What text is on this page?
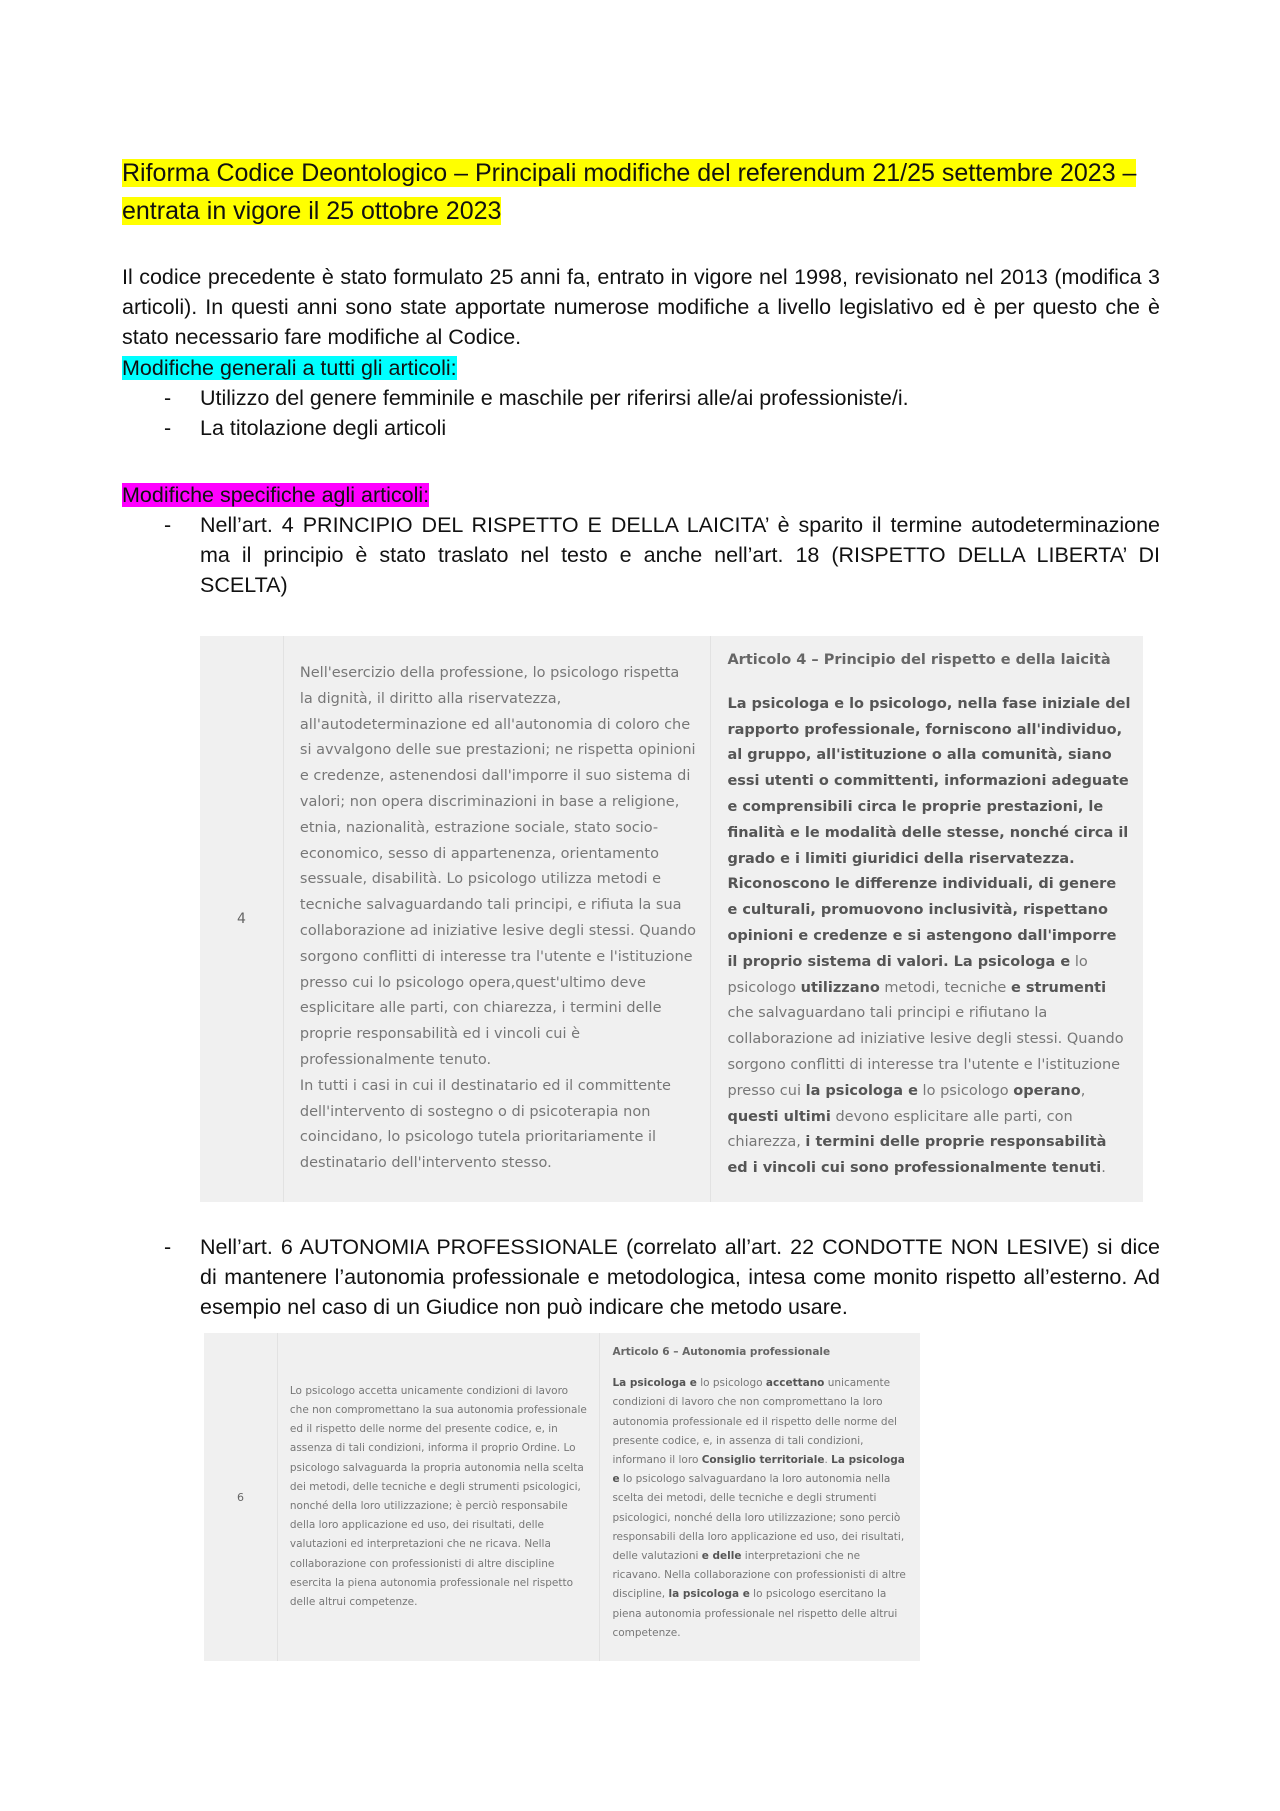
Riforma Codice Deontologico – Principali modifiche del referendum 21/25 settembre 2023 – entrata in vigore il 25 ottobre 2023

Il codice precedente è stato formulato 25 anni fa, entrato in vigore nel 1998, revisionato nel 2013 (modifica 3 articoli). In questi anni sono state apportate numerose modifiche a livello legislativo ed è per questo che è stato necessario fare modifiche al Codice.

Modifiche generali a tutti gli articoli:

- Utilizzo del genere femminile e maschile per riferirsi alle/ai professioniste/i.
- La titolazione degli articoli

Modifiche specifiche agli articoli:

- Nell’art. 4 PRINCIPIO DEL RISPETTO E DELLA LAICITA’ è sparito il termine autodeterminazione ma il principio è stato traslato nel testo e anche nell’art. 18 (RISPETTO DELLA LIBERTA’ DI SCELTA)
4
Nell'esercizio della professione, lo psicologo rispetta la dignità, il diritto alla riservatezza, all'autodeterminazione ed all'autonomia di coloro che si avvalgono delle sue prestazioni; ne rispetta opinioni e credenze, astenendosi dall'imporre il suo sistema di valori; non opera discriminazioni in base a religione, etnia, nazionalità, estrazione sociale, stato socio-economico, sesso di appartenenza, orientamento sessuale, disabilità. Lo psicologo utilizza metodi e tecniche salvaguardando tali principi, e rifiuta la sua collaborazione ad iniziative lesive degli stessi. Quando sorgono conflitti di interesse tra l'utente e l'istituzione presso cui lo psicologo opera,quest'ultimo deve esplicitare alle parti, con chiarezza, i termini delle proprie responsabilità ed i vincoli cui è professionalmente tenuto.
In tutti i casi in cui il destinatario ed il committente dell'intervento di sostegno o di psicoterapia non coincidano, lo psicologo tutela prioritariamente il destinatario dell'intervento stesso.
Articolo 4 – Principio del rispetto e della laicità
La psicologa e lo psicologo, nella fase iniziale del rapporto professionale, forniscono all'individuo, al gruppo, all'istituzione o alla comunità, siano essi utenti o committenti, informazioni adeguate e comprensibili circa le proprie prestazioni, le finalità e le modalità delle stesse, nonché circa il grado e i limiti giuridici della riservatezza. Riconoscono le differenze individuali, di genere e culturali, promuovono inclusività, rispettano opinioni e credenze e si astengono dall'imporre il proprio sistema di valori. La psicologa e lo psicologo utilizzano metodi, tecniche e strumenti che salvaguardano tali principi e rifiutano la collaborazione ad iniziative lesive degli stessi. Quando sorgono conflitti di interesse tra l'utente e l'istituzione presso cui la psicologa e lo psicologo operano, questi ultimi devono esplicitare alle parti, con chiarezza, i termini delle proprie responsabilità ed i vincoli cui sono professionalmente tenuti.
- Nell’art. 6 AUTONOMIA PROFESSIONALE (correlato all’art. 22 CONDOTTE NON LESIVE) si dice di mantenere l’autonomia professionale e metodologica, intesa come monito rispetto all’esterno. Ad esempio nel caso di un Giudice non può indicare che metodo usare.
6
Lo psicologo accetta unicamente condizioni di lavoro che non compromettano la sua autonomia professionale ed il rispetto delle norme del presente codice, e, in assenza di tali condizioni, informa il proprio Ordine. Lo psicologo salvaguarda la propria autonomia nella scelta dei metodi, delle tecniche e degli strumenti psicologici, nonché della loro utilizzazione; è perciò responsabile della loro applicazione ed uso, dei risultati, delle valutazioni ed interpretazioni che ne ricava. Nella collaborazione con professionisti di altre discipline esercita la piena autonomia professionale nel rispetto delle altrui competenze.
Articolo 6 – Autonomia professionale
La psicologa e lo psicologo accettano unicamente condizioni di lavoro che non compromettano la loro autonomia professionale ed il rispetto delle norme del presente codice, e, in assenza di tali condizioni, informano il loro Consiglio territoriale. La psicologa e lo psicologo salvaguardano la loro autonomia nella scelta dei metodi, delle tecniche e degli strumenti psicologici, nonché della loro utilizzazione; sono perciò responsabili della loro applicazione ed uso, dei risultati, delle valutazioni e delle interpretazioni che ne ricavano. Nella collaborazione con professionisti di altre discipline, la psicologa e lo psicologo esercitano la piena autonomia professionale nel rispetto delle altrui competenze.
